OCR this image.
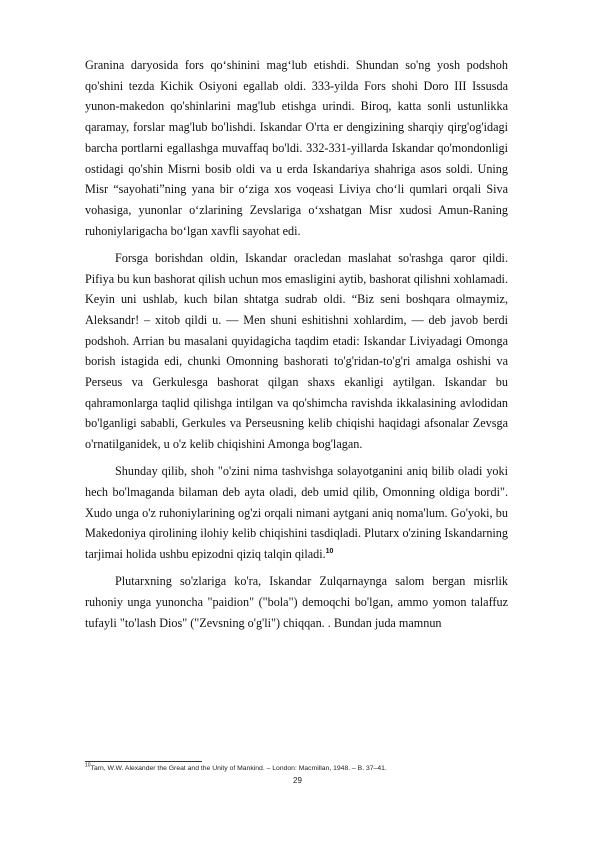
Granina daryosida fors qo‘shinini mag‘lub etishdi. Shundan so'ng yosh podshoh qo'shini tezda Kichik Osiyoni egallab oldi. 333-yilda Fors shohi Doro III Issusda yunon-makedon qo'shinlarini mag'lub etishga urindi. Biroq, katta sonli ustunlikka qaramay, forslar mag'lub bo'lishdi. Iskandar O'rta er dengizining sharqiy qirg'og'idagi barcha portlarni egallashga muvaffaq bo'ldi. 332-331-yillarda Iskandar qo'mondonligi ostidagi qo'shin Misrni bosib oldi va u erda Iskandariya shahriga asos soldi. Uning Misr “sayohati”ning yana bir o‘ziga xos voqeasi Liviya cho‘li qumlari orqali Siva vohasiga, yunonlar o‘zlarining Zevslariga o‘xshatgan Misr xudosi Amun-Raning ruhoniylarigacha bo‘lgan xavfli sayohat edi.

Forsga borishdan oldin, Iskandar oracledan maslahat so'rashga qaror qildi. Pifiya bu kun bashorat qilish uchun mos emasligini aytib, bashorat qilishni xohlamadi. Keyin uni ushlab, kuch bilan shtatga sudrab oldi. “Biz seni boshqara olmaymiz, Aleksandr! – xitob qildi u. — Men shuni eshitishni xohlardim, — deb javob berdi podshoh. Arrian bu masalani quyidagicha taqdim etadi: Iskandar Liviyadagi Omonga borish istagida edi, chunki Omonning bashorati to'g'ridan-to'g'ri amalga oshishi va Perseus va Gerkulesga bashorat qilgan shaxs ekanligi aytilgan. Iskandar bu qahramonlarga taqlid qilishga intilgan va qo'shimcha ravishda ikkalasining avlodidan bo'lganligi sababli, Gerkules va Perseusning kelib chiqishi haqidagi afsonalar Zevsga o'rnatilganidek, u o'z kelib chiqishini Amonga bog'lagan.

Shunday qilib, shoh "o'zini nima tashvishga solayotganini aniq bilib oladi yoki hech bo'lmaganda bilaman deb ayta oladi, deb umid qilib, Omonning oldiga bordi". Xudo unga o'z ruhoniylarining og'zi orqali nimani aytgani aniq noma'lum. Go'yoki, bu Makedoniya qirolining ilohiy kelib chiqishini tasdiqladi. Plutarx o'zining Iskandarning tarjimai holida ushbu epizodni qiziq talqin qiladi.$^{10}$

Plutarxning so'zlariga ko'ra, Iskandar Zulqarnaynga salom bergan misrlik ruhoniy unga yunoncha "paidion" ("bola") demoqchi bo'lgan, ammo yomon talaffuz tufayli "to'lash Dios" ("Zevsning o'g'li") chiqqan. . Bundan juda mamnun

$^{10}$Tarn, W.W. Alexander the Great and the Unity of Mankind. – London: Macmillan, 1948. – B. 37–41.
29
